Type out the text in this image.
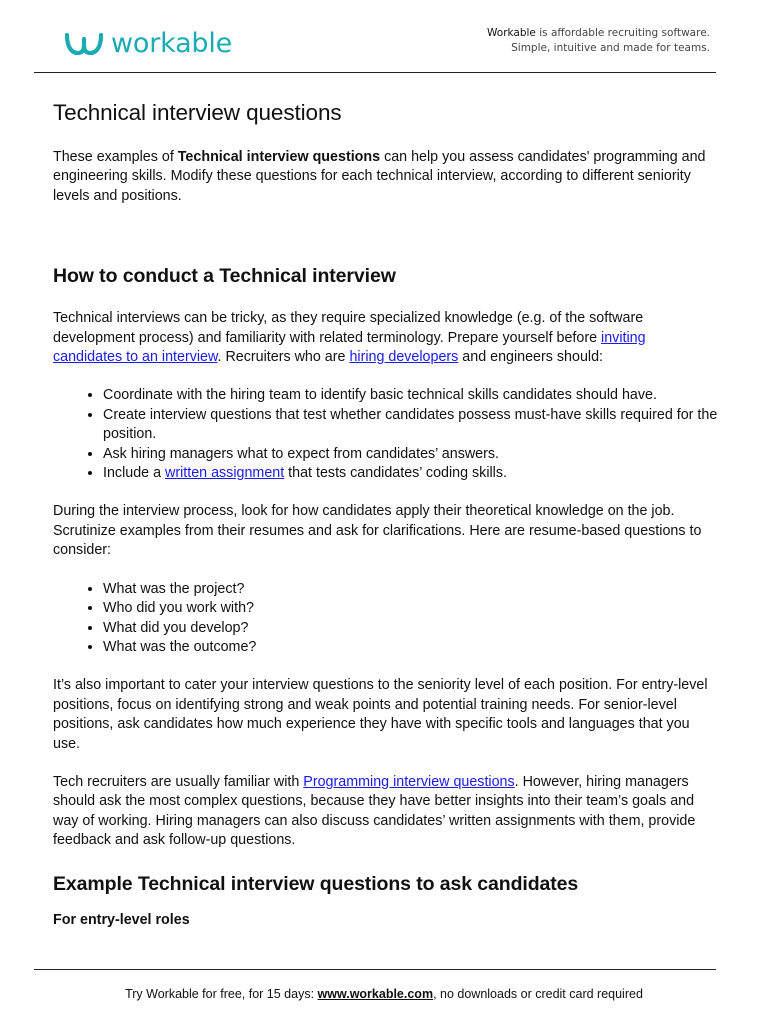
workable	Workable is affordable recruiting software.
Simple, intuitive and made for teams.
Technical interview questions

These examples of Technical interview questions can help you assess candidates' programming and engineering skills. Modify these questions for each technical interview, according to different seniority levels and positions.

How to conduct a Technical interview

Technical interviews can be tricky, as they require specialized knowledge (e.g. of the software development process) and familiarity with related terminology. Prepare yourself before inviting candidates to an interview. Recruiters who are hiring developers and engineers should:

• Coordinate with the hiring team to identify basic technical skills candidates should have.
• Create interview questions that test whether candidates possess must-have skills required for the position.
• Ask hiring managers what to expect from candidates’ answers.
• Include a written assignment that tests candidates’ coding skills.

During the interview process, look for how candidates apply their theoretical knowledge on the job. Scrutinize examples from their resumes and ask for clarifications. Here are resume-based questions to consider:

• What was the project?
• Who did you work with?
• What did you develop?
• What was the outcome?

It’s also important to cater your interview questions to the seniority level of each position. For entry-level positions, focus on identifying strong and weak points and potential training needs. For senior-level positions, ask candidates how much experience they have with specific tools and languages that you use.

Tech recruiters are usually familiar with Programming interview questions. However, hiring managers should ask the most complex questions, because they have better insights into their team’s goals and way of working. Hiring managers can also discuss candidates’ written assignments with them, provide feedback and ask follow-up questions.

Example Technical interview questions to ask candidates
For entry-level roles
Try Workable for free, for 15 days: www.workable.com, no downloads or credit card required
